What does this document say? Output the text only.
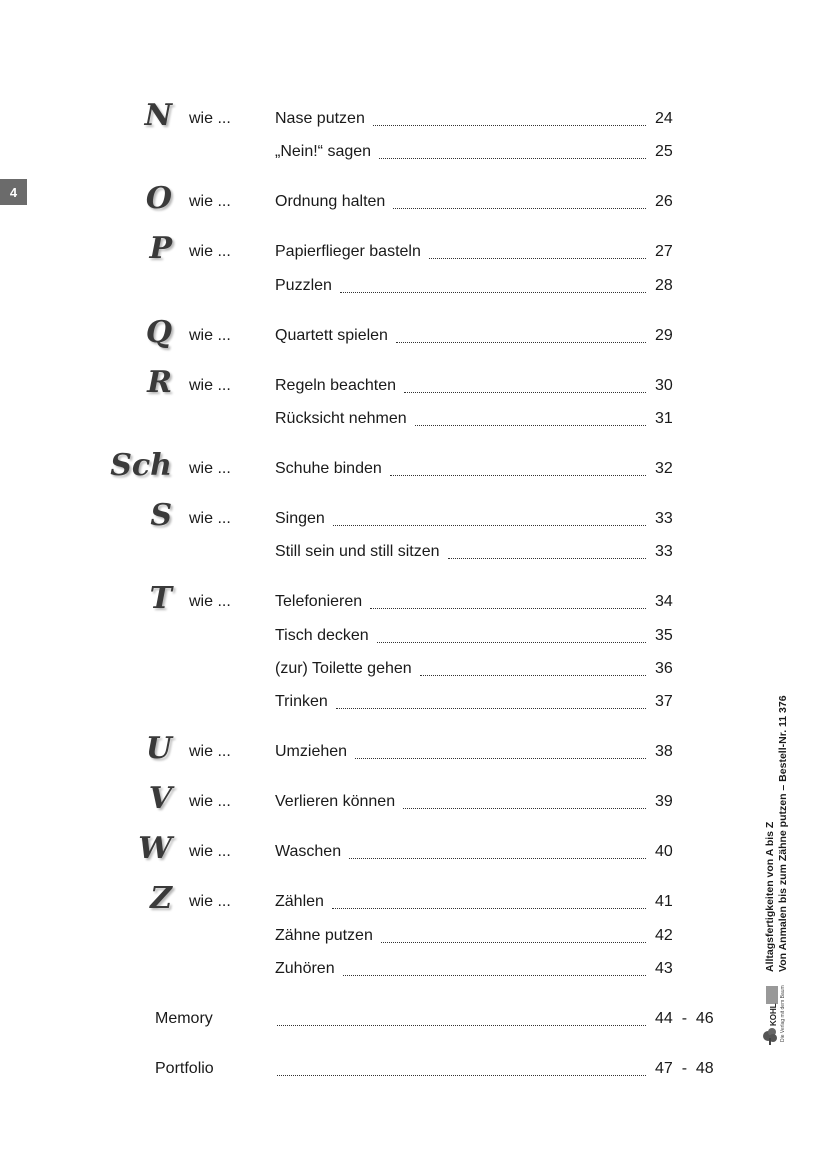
4
N wie ...	Nase putzen	24
„Nein!“ sagen	25
O wie ...	Ordnung halten	26
P wie ...	Papierflieger basteln	27
Puzzlen	28
Q wie ...	Quartett spielen	29
R wie ...	Regeln beachten	30
Rücksicht nehmen	31
Sch wie ...	Schuhe binden	32
S wie ...	Singen	33
Still sein und still sitzen	33
T wie ...	Telefonieren	34
Tisch decken	35
(zur) Toilette gehen	36
Trinken	37
U wie ...	Umziehen	38
V wie ...	Verlieren können	39
W wie ...	Waschen	40
Z wie ...	Zählen	41
Zähne putzen	42
Zuhören	43
Memory	44  -  46
Portfolio	47  -  48
Alltagsfertigkeiten von A bis Z Von Anmalen bis zum Zähne putzen – Bestell-Nr. 11 376
KOHL Die Verlag mit dem Baum
